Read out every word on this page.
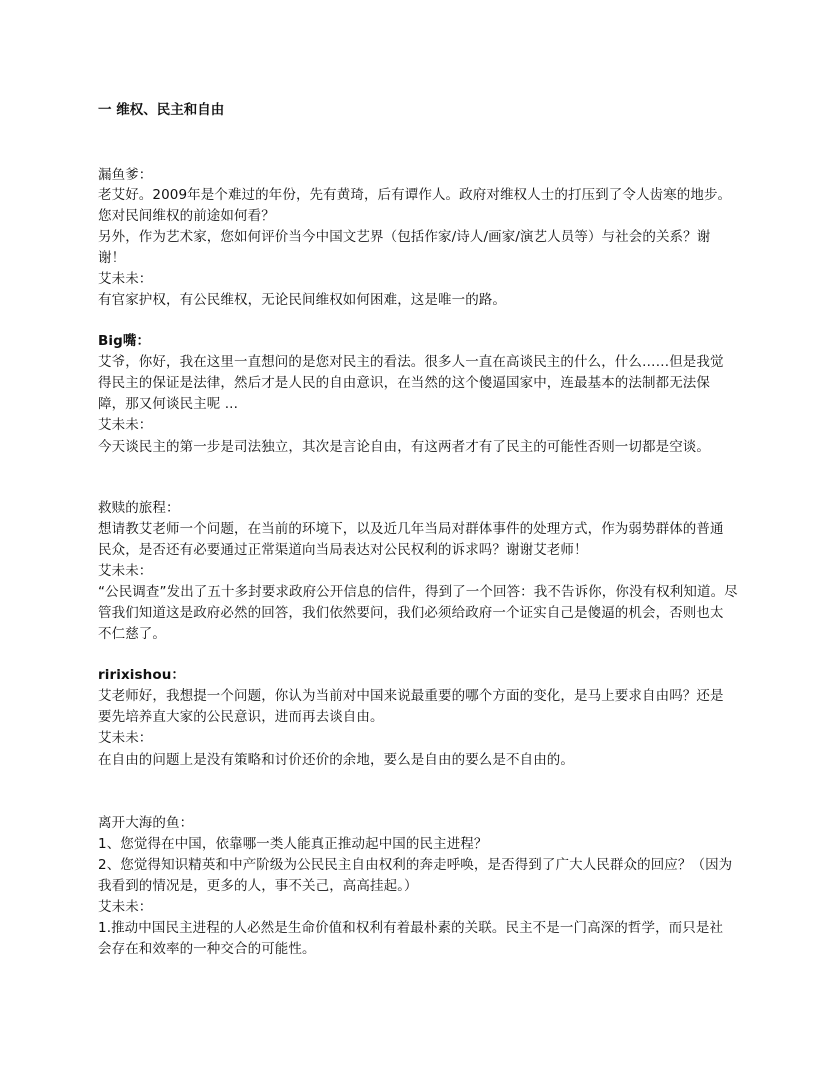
一 维权、民主和自由
漏鱼爹：
老艾好。2009年是个难过的年份，先有黄琦，后有谭作人。政府对维权人士的打压到了令人齿寒的地步。
您对民间维权的前途如何看？
另外，作为艺术家，您如何评价当今中国文艺界（包括作家/诗人/画家/演艺人员等）与社会的关系？谢
谢！
艾未未：
有官家护权，有公民维权，无论民间维权如何困难，这是唯一的路。
Big嘴：
艾爷，你好，我在这里一直想问的是您对民主的看法。很多人一直在高谈民主的什么，什么……但是我觉
得民主的保证是法律，然后才是人民的自由意识，在当然的这个傻逼国家中，连最基本的法制都无法保
障，那又何谈民主呢 ...
艾未未：
今天谈民主的第一步是司法独立，其次是言论自由，有这两者才有了民主的可能性否则一切都是空谈。
救赎的旅程：
想请教艾老师一个问题，在当前的环境下，以及近几年当局对群体事件的处理方式，作为弱势群体的普通
民众，是否还有必要通过正常渠道向当局表达对公民权利的诉求吗？谢谢艾老师！
艾未未：
“公民调查”发出了五十多封要求政府公开信息的信件，得到了一个回答：我不告诉你，你没有权利知道。尽
管我们知道这是政府必然的回答，我们依然要问，我们必须给政府一个证实自己是傻逼的机会，否则也太
不仁慈了。
ririxishou：
艾老师好，我想提一个问题，你认为当前对中国来说最重要的哪个方面的变化，是马上要求自由吗？还是
要先培养直大家的公民意识，进而再去谈自由。
艾未未：
在自由的问题上是没有策略和讨价还价的余地，要么是自由的要么是不自由的。
离开大海的鱼：
1、您觉得在中国，依靠哪一类人能真正推动起中国的民主进程？
2、您觉得知识精英和中产阶级为公民民主自由权利的奔走呼唤，是否得到了广大人民群众的回应？（因为
我看到的情况是，更多的人，事不关己，高高挂起。）
艾未未：
1.推动中国民主进程的人必然是生命价值和权利有着最朴素的关联。民主不是一门高深的哲学，而只是社
会存在和效率的一种交合的可能性。
